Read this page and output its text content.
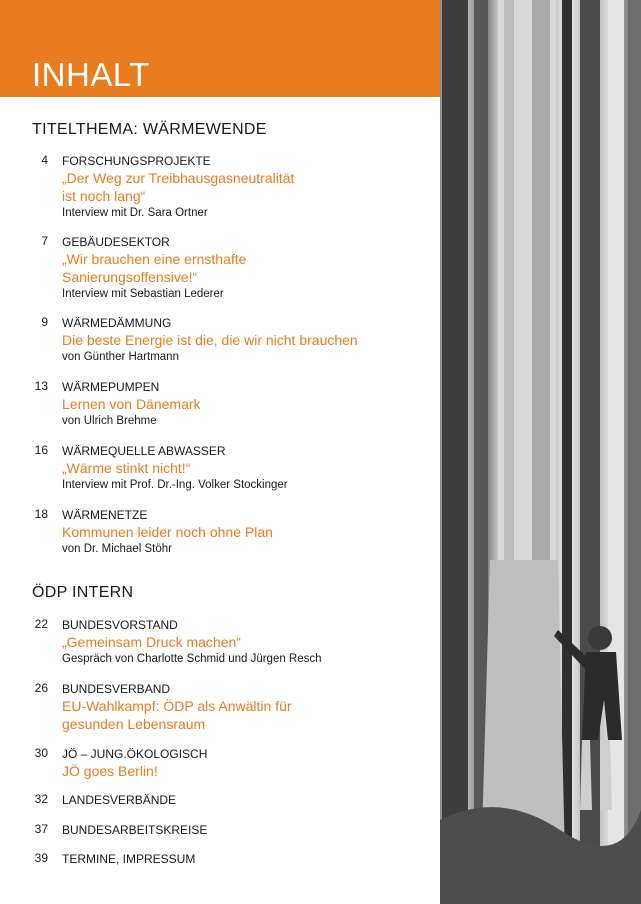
INHALT
TITELTHEMA: WÄRMEWENDE
4 FORSCHUNGSPROJEKTE
„Der Weg zur Treibhausgasneutralität
ist noch lang“
Interview mit Dr. Sara Ortner
7 GEBÄUDESEKTOR
„Wir brauchen eine ernsthafte
Sanierungsoffensive!“
Interview mit Sebastian Lederer
9 WÄRMEDÄMMUNG
Die beste Energie ist die, die wir nicht brauchen
von Günther Hartmann
13 WÄRMEPUMPEN
Lernen von Dänemark
von Ulrich Brehme
16 WÄRMEQUELLE ABWASSER
„Wärme stinkt nicht!“
Interview mit Prof. Dr.-Ing. Volker Stockinger
18 WÄRMENETZE
Kommunen leider noch ohne Plan
von Dr. Michael Stöhr
ÖDP INTERN
22 BUNDESVORSTAND
„Gemeinsam Druck machen“
Gespräch von Charlotte Schmid und Jürgen Resch
26 BUNDESVERBAND
EU-Wahlkampf: ÖDP als Anwältin für
gesunden Lebensraum
30 JÖ – JUNG.ÖKOLOGISCH
JÖ goes Berlin!
32 LANDESVERBÄNDE
37 BUNDESARBEITSKREISE
39 TERMINE, IMPRESSUM
